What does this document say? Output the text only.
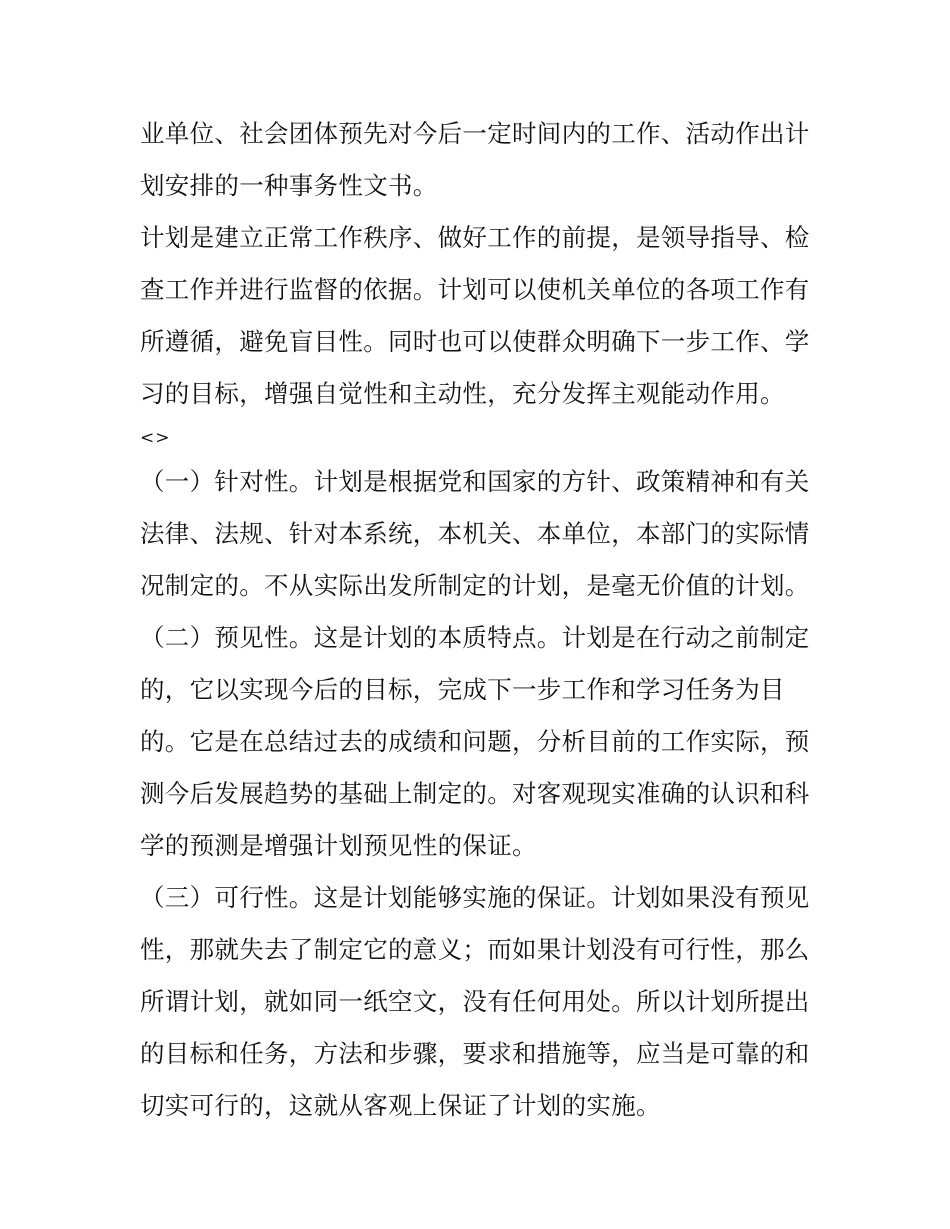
业单位、社会团体预先对今后一定时间内的工作、活动作出计
划安排的一种事务性文书。
计划是建立正常工作秩序、做好工作的前提，是领导指导、检
查工作并进行监督的依据。计划可以使机关单位的各项工作有
所遵循，避免盲目性。同时也可以使群众明确下一步工作、学
习的目标，增强自觉性和主动性，充分发挥主观能动作用。
<>
（一）针对性。计划是根据党和国家的方针、政策精神和有关
法律、法规、针对本系统，本机关、本单位，本部门的实际情
况制定的。不从实际出发所制定的计划，是毫无价值的计划。
（二）预见性。这是计划的本质特点。计划是在行动之前制定
的，它以实现今后的目标，完成下一步工作和学习任务为目
的。它是在总结过去的成绩和问题，分析目前的工作实际，预
测今后发展趋势的基础上制定的。对客观现实准确的认识和科
学的预测是增强计划预见性的保证。
（三）可行性。这是计划能够实施的保证。计划如果没有预见
性，那就失去了制定它的意义；而如果计划没有可行性，那么
所谓计划，就如同一纸空文，没有任何用处。所以计划所提出
的目标和任务，方法和步骤，要求和措施等，应当是可靠的和
切实可行的，这就从客观上保证了计划的实施。
